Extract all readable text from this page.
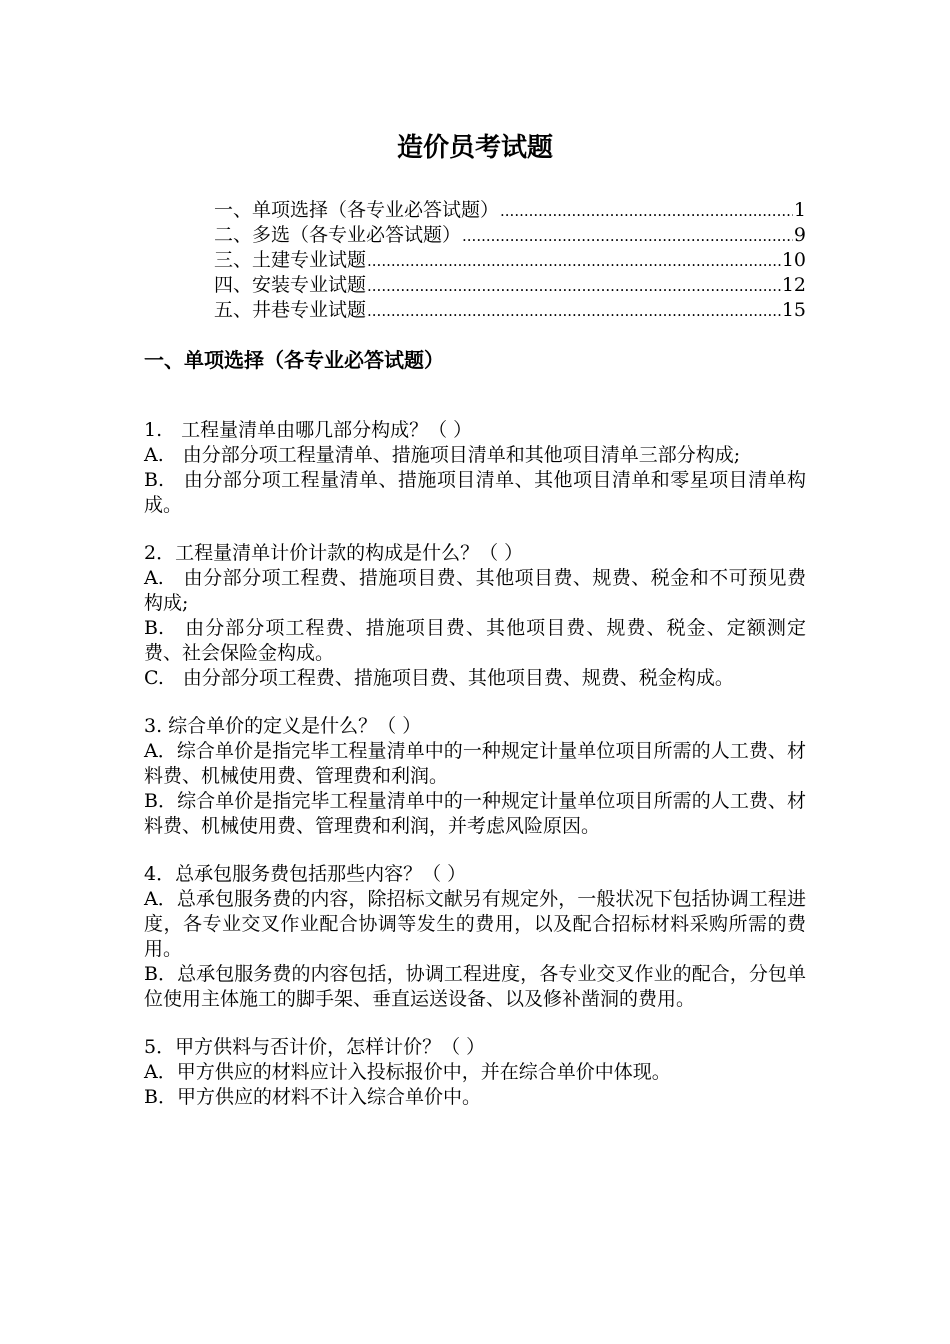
造价员考试题
一、单项选择（各专业必答试题） .....	1
二、多选（各专业必答试题） .....	9
三、土建专业试题 .....	10
四、安装专业试题 .....	12
五、井巷专业试题 .....	15
一、单项选择（各专业必答试题）

1.　工程量清单由哪几部分构成？（ ）

A.　由分部分项工程量清单、措施项目清单和其他项目清单三部分构成;

B.　由分部分项工程量清单、措施项目清单、其他项目清单和零星项目清单构成。

2．工程量清单计价计款的构成是什么？（ ）

A.　由分部分项工程费、措施项目费、其他项目费、规费、税金和不可预见费构成;

B.　由分部分项工程费、措施项目费、其他项目费、规费、税金、定额测定费、社会保险金构成。

C.　由分部分项工程费、措施项目费、其他项目费、规费、税金构成。

3. 综合单价的定义是什么？（ ）

A．综合单价是指完毕工程量清单中的一种规定计量单位项目所需的人工费、材料费、机械使用费、管理费和利润。

B．综合单价是指完毕工程量清单中的一种规定计量单位项目所需的人工费、材料费、机械使用费、管理费和利润，并考虑风险原因。

4．总承包服务费包括那些内容？（ ）

A．总承包服务费的内容，除招标文献另有规定外，一般状况下包括协调工程进度，各专业交叉作业配合协调等发生的费用，以及配合招标材料采购所需的费用。

B．总承包服务费的内容包括，协调工程进度，各专业交叉作业的配合，分包单位使用主体施工的脚手架、垂直运送设备、以及修补凿洞的费用。

5．甲方供料与否计价，怎样计价？（ ）

A．甲方供应的材料应计入投标报价中，并在综合单价中体现。

B．甲方供应的材料不计入综合单价中。
